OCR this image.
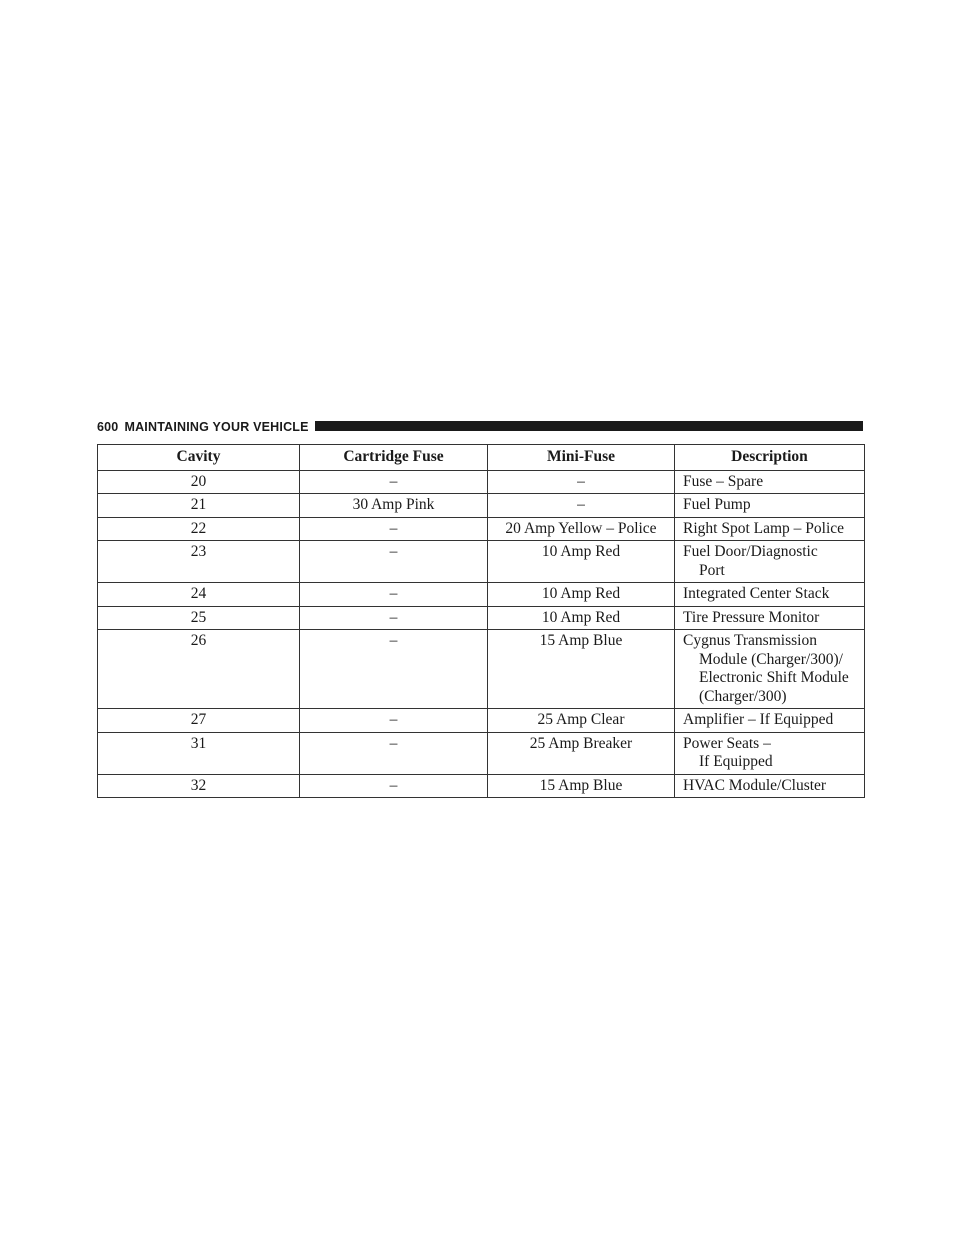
600 MAINTAINING YOUR VEHICLE
Cavity	Cartridge Fuse	Mini-Fuse	Description
20	–	–	Fuse – Spare

21	30 Amp Pink	–	Fuel Pump

22	–	20 Amp Yellow – Police	Right Spot Lamp – Police

23	–	10 Amp Red	Fuel Door/Diagnostic
Port

24	–	10 Amp Red	Integrated Center Stack

25	–	10 Amp Red	Tire Pressure Monitor

26	–	15 Amp Blue	Cygnus Transmission
Module (Charger/300)/
Electronic Shift Module
(Charger/300)

27	–	25 Amp Clear	Amplifier – If Equipped

31	–	25 Amp Breaker	Power Seats –
If Equipped

32	–	15 Amp Blue	HVAC Module/Cluster
